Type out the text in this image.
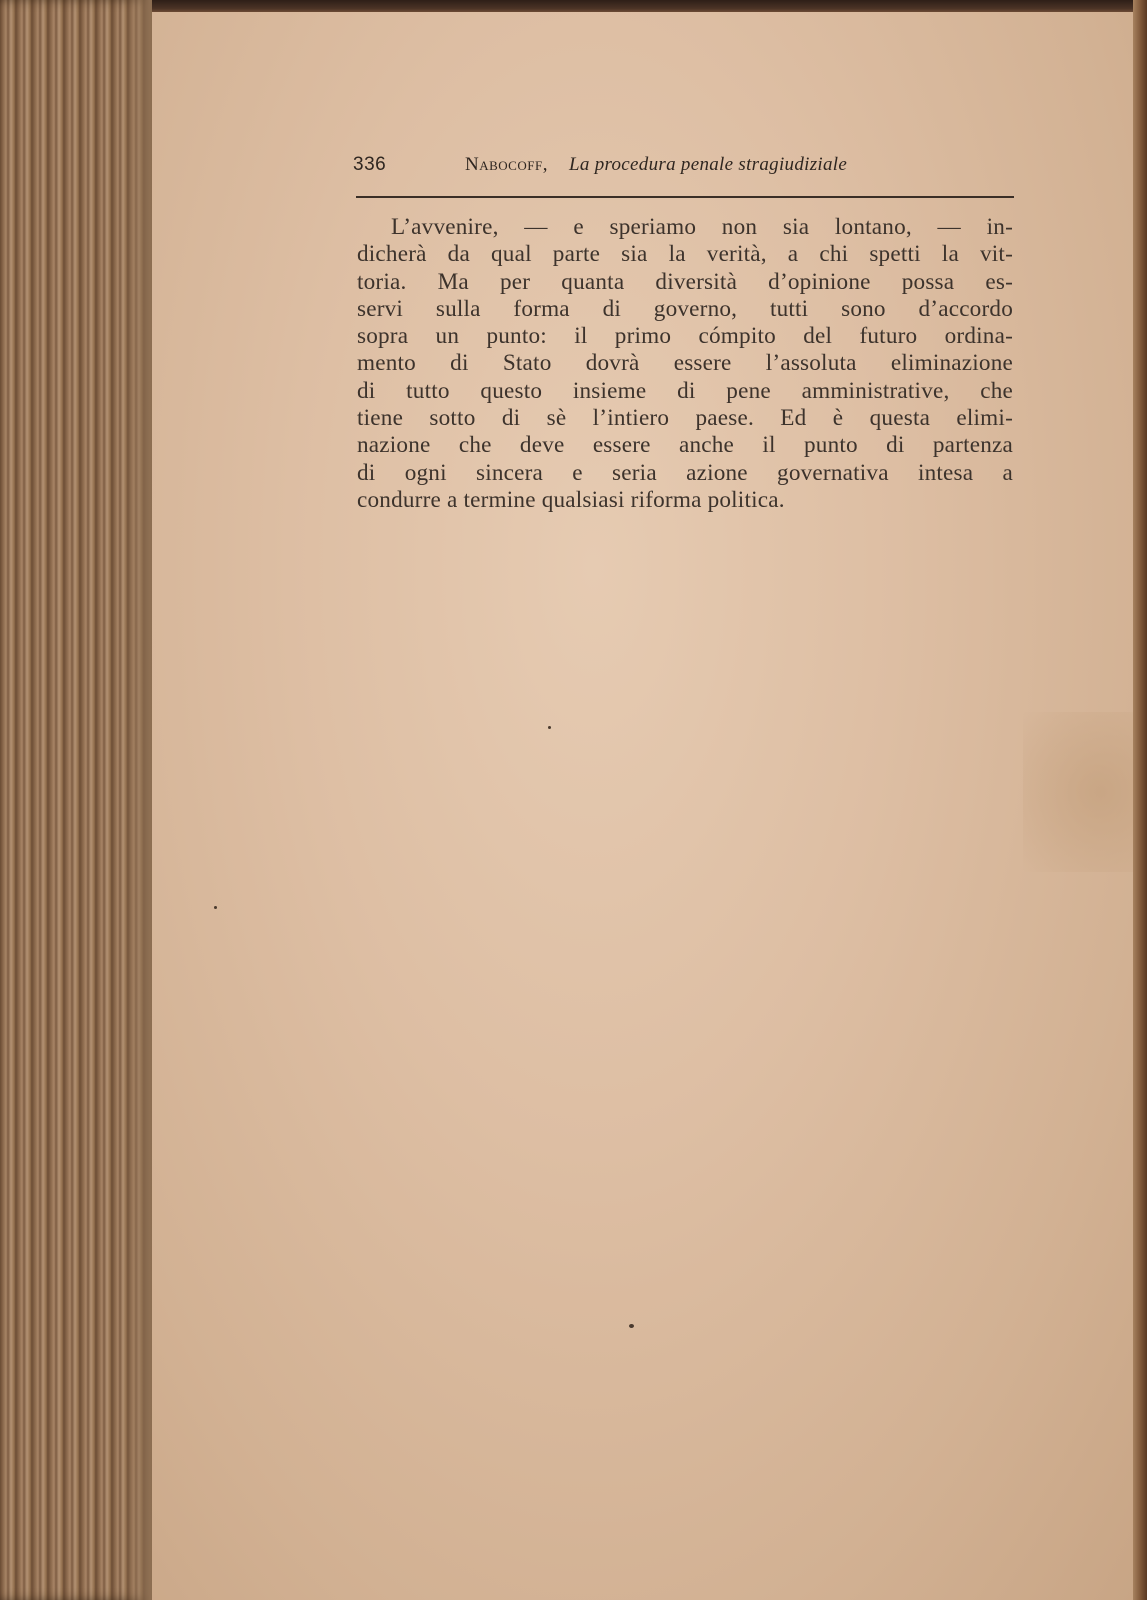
336	Nabocoff, La procedura penale stragiudiziale
L’avvenire, — e speriamo non sia lontano, — in-
dicherà da qual parte sia la verità, a chi spetti la vit-
toria. Ma per quanta diversità d’opinione possa es-
servi sulla forma di governo, tutti sono d’accordo
sopra un punto: il primo cómpito del futuro ordina-
mento di Stato dovrà essere l’assoluta eliminazione
di tutto questo insieme di pene amministrative, che
tiene sotto di sè l’intiero paese. Ed è questa elimi-
nazione che deve essere anche il punto di partenza
di ogni sincera e seria azione governativa intesa a
condurre a termine qualsiasi riforma politica.
